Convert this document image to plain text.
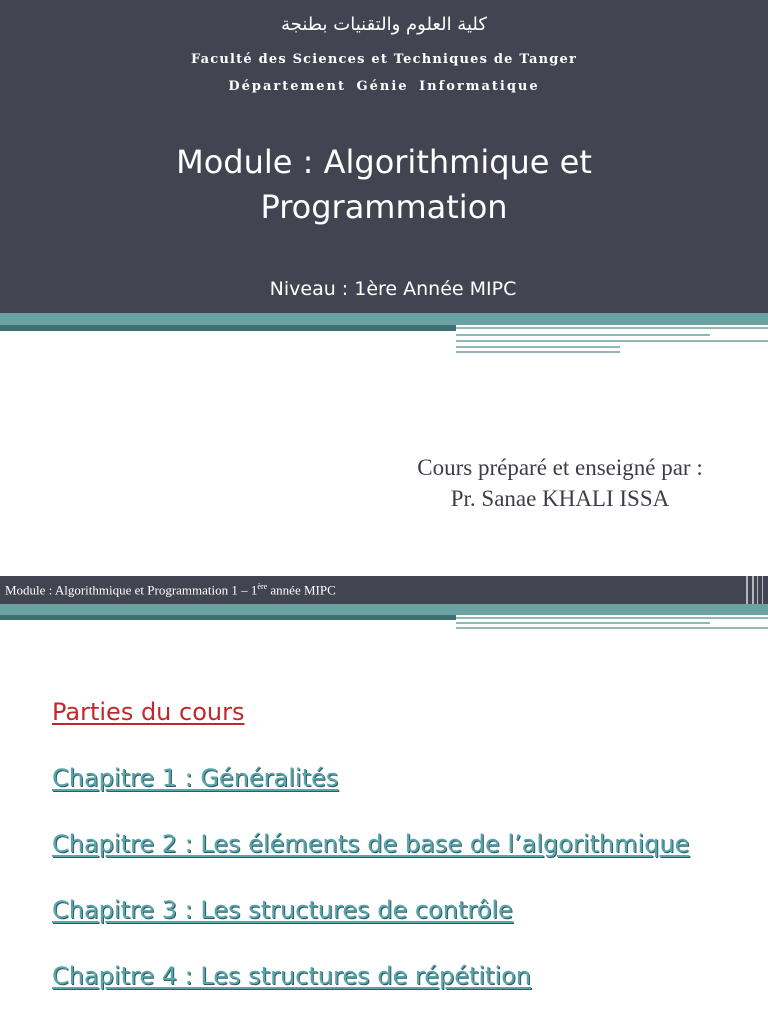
كلية العلوم والتقنيات بطنجة
Faculté des Sciences et Techniques de Tanger
Département Génie Informatique
Module : Algorithmique et
Programmation
Niveau : 1ère Année MIPC
Cours préparé et enseigné par :
Pr. Sanae KHALI ISSA
Module : Algorithmique et Programmation 1 – 1ère année MIPC
Parties du cours
Chapitre 1 : Généralités
Chapitre 2 : Les éléments de base de l’algorithmique
Chapitre 3 : Les structures de contrôle
Chapitre 4 : Les structures de répétition
